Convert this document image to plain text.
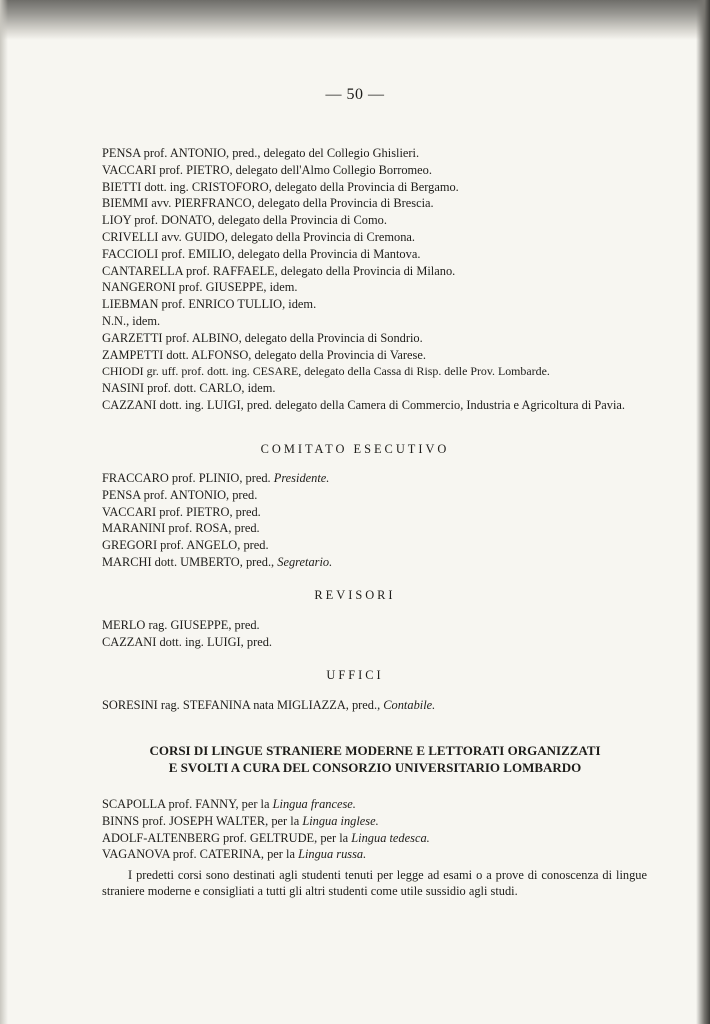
— 50 —
PENSA prof. ANTONIO, pred., delegato del Collegio Ghislieri.
VACCARI prof. PIETRO, delegato dell'Almo Collegio Borromeo.
BIETTI dott. ing. CRISTOFORO, delegato della Provincia di Bergamo.
BIEMMI avv. PIERFRANCO, delegato della Provincia di Brescia.
LIOY prof. DONATO, delegato della Provincia di Como.
CRIVELLI avv. GUIDO, delegato della Provincia di Cremona.
FACCIOLI prof. EMILIO, delegato della Provincia di Mantova.
CANTARELLA prof. RAFFAELE, delegato della Provincia di Milano.
NANGERONI prof. GIUSEPPE, idem.
LIEBMAN prof. ENRICO TULLIO, idem.
N.N., idem.
GARZETTI prof. ALBINO, delegato della Provincia di Sondrio.
ZAMPETTI dott. ALFONSO, delegato della Provincia di Varese.
CHIODI gr. uff. prof. dott. ing. CESARE, delegato della Cassa di Risp. delle Prov. Lombarde.
NASINI prof. dott. CARLO, idem.
CAZZANI dott. ing. LUIGI, pred. delegato della Camera di Commercio, Industria e Agricoltura di Pavia.
COMITATO ESECUTIVO
FRACCARO prof. PLINIO, pred. Presidente.
PENSA prof. ANTONIO, pred.
VACCARI prof. PIETRO, pred.
MARANINI prof. ROSA, pred.
GREGORI prof. ANGELO, pred.
MARCHI dott. UMBERTO, pred., Segretario.
REVISORI
MERLO rag. GIUSEPPE, pred.
CAZZANI dott. ing. LUIGI, pred.
UFFICI
SORESINI rag. STEFANINA nata MIGLIAZZA, pred., Contabile.
CORSI DI LINGUE STRANIERE MODERNE E LETTORATI ORGANIZZATI
E SVOLTI A CURA DEL CONSORZIO UNIVERSITARIO LOMBARDO
SCAPOLLA prof. FANNY, per la Lingua francese.
BINNS prof. JOSEPH WALTER, per la Lingua inglese.
ADOLF-ALTENBERG prof. GELTRUDE, per la Lingua tedesca.
VAGANOVA prof. CATERINA, per la Lingua russa.
I predetti corsi sono destinati agli studenti tenuti per legge ad esami o a prove di conoscenza di lingue straniere moderne e consigliati a tutti gli altri studenti come utile sussidio agli studi.
